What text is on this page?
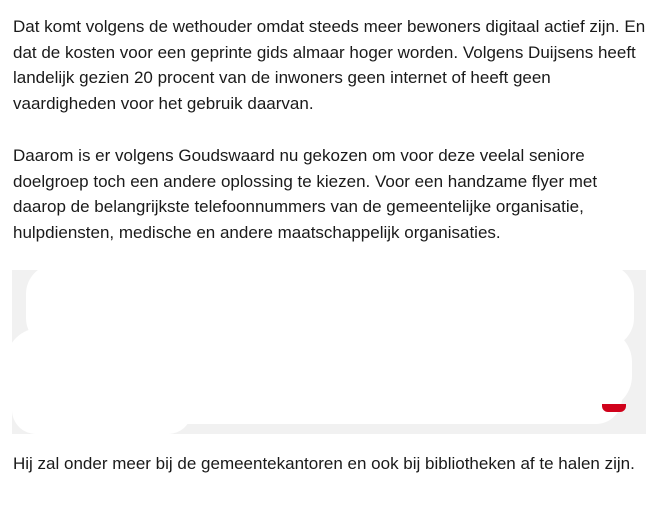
Dat komt volgens de wethouder omdat steeds meer bewoners digitaal actief zijn. En dat de kosten voor een geprinte gids almaar hoger worden. Volgens Duijsens heeft landelijk gezien 20 procent van de inwoners geen internet of heeft geen vaardigheden voor het gebruik daarvan.

Daarom is er volgens Goudswaard nu gekozen om voor deze veelal seniore doelgroep toch een andere oplossing te kiezen. Voor een handzame flyer met daarop de belangrijkste telefoonnummers van de gemeentelijke organisatie, hulpdiensten, medische en andere maatschappelijk organisaties.

Hij zal onder meer bij de gemeentekantoren en ook bij bibliotheken af te halen zijn.
